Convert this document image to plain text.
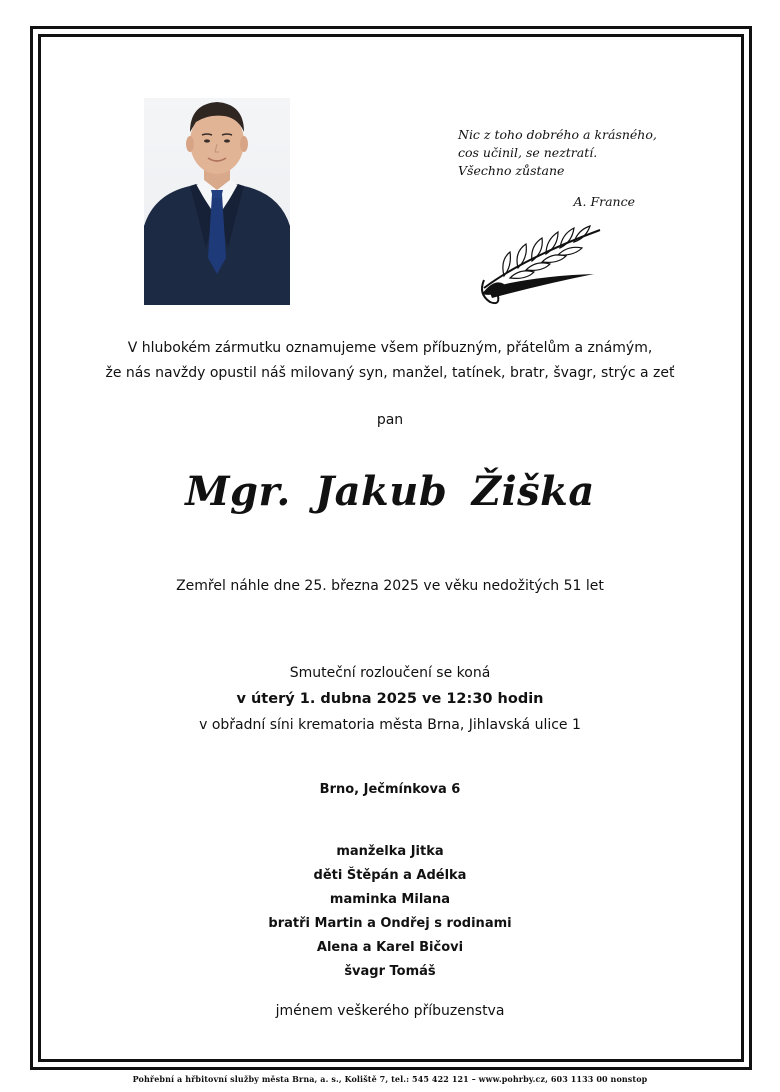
Nic z toho dobrého a krásného,
cos učinil, se neztratí.
Všechno zůstane
A. France
V hlubokém zármutku oznamujeme všem příbuzným, přátelům a známým,
že nás navždy opustil náš milovaný syn, manžel, tatínek, bratr, švagr, strýc a zeť
pan
Mgr. Jakub Žiška
Zemřel náhle dne 25. března 2025 ve věku nedožitých 51 let
Smuteční rozloučení se koná
v úterý 1. dubna 2025 ve 12:30 hodin
v obřadní síni krematoria města Brna, Jihlavská ulice 1
Brno, Ječmínkova 6
manželka Jitka
děti Štěpán a Adélka
maminka Milana
bratři Martin a Ondřej s rodinami
Alena a Karel Bičovi
švagr Tomáš
jménem veškerého příbuzenstva
Pohřební a hřbitovní služby města Brna, a. s., Koliště 7, tel.: 545 422 121 – www.pohrby.cz, 603 1133 00 nonstop
